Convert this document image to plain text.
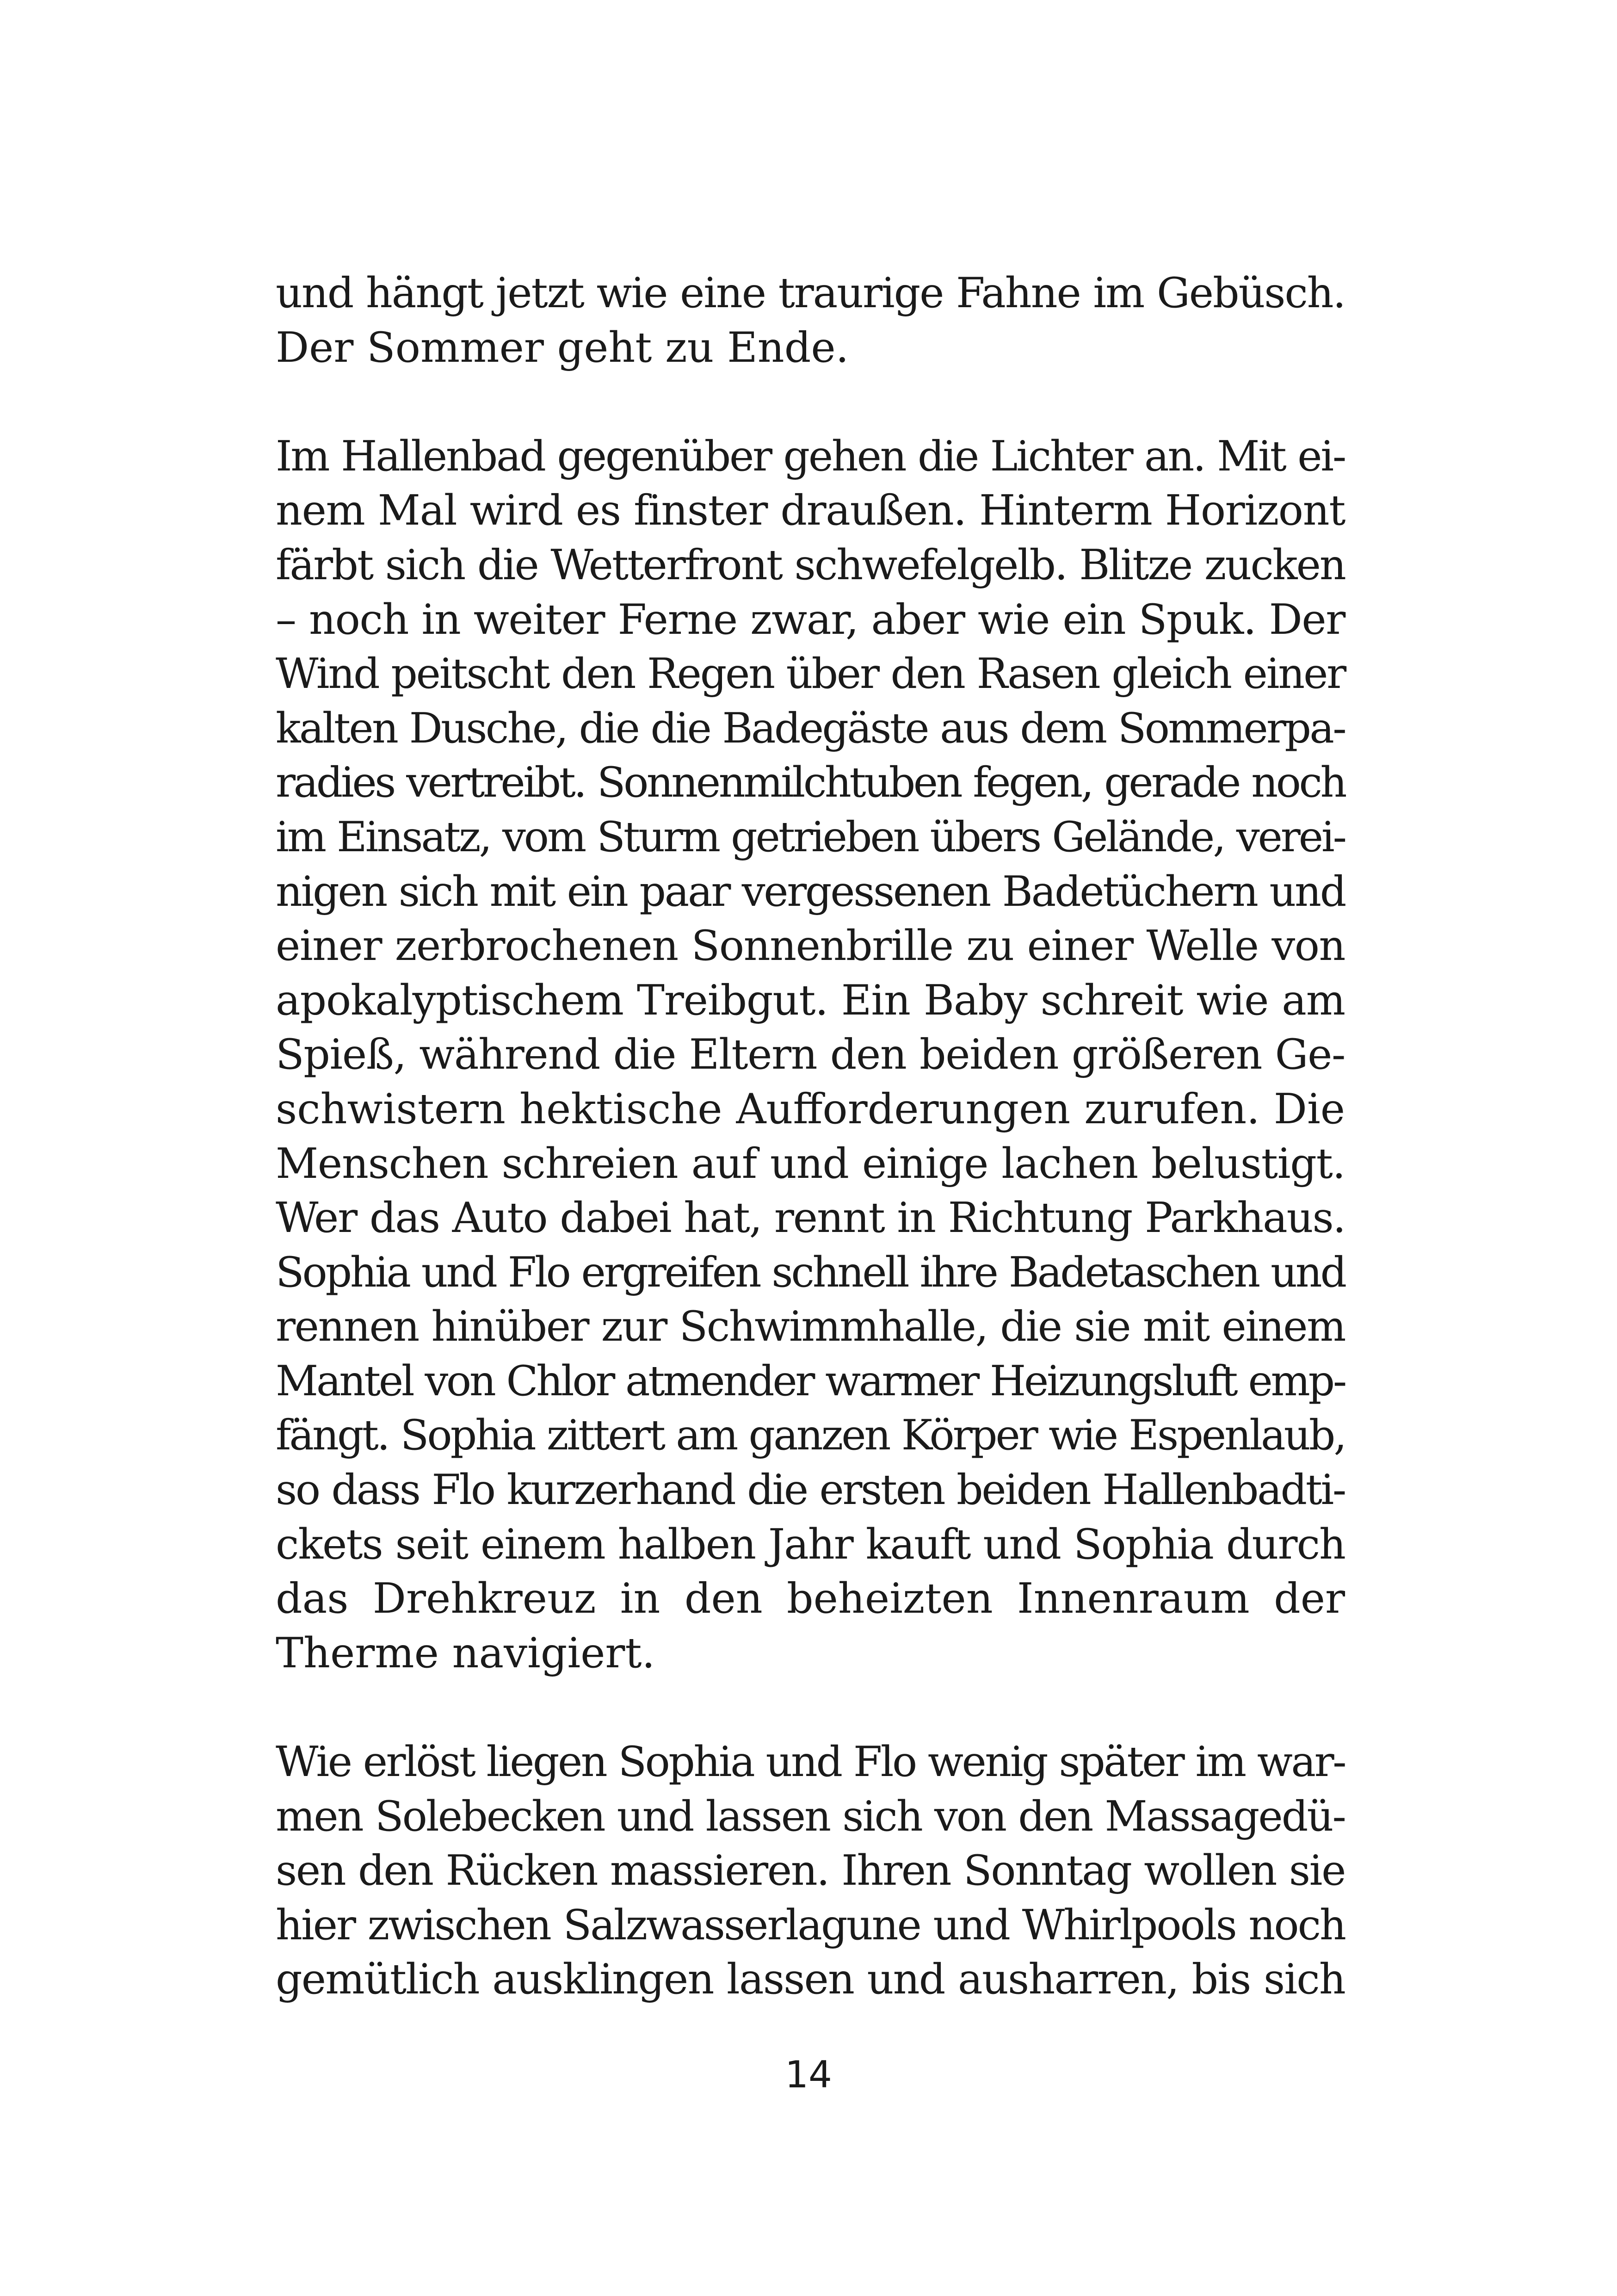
und hängt jetzt wie eine traurige Fahne im Gebüsch.
Der Sommer geht zu Ende.
Im Hallenbad gegenüber gehen die Lichter an. Mit ei-
nem Mal wird es finster draußen. Hinterm Horizont
färbt sich die Wetterfront schwefelgelb. Blitze zucken
– noch in weiter Ferne zwar, aber wie ein Spuk. Der
Wind peitscht den Regen über den Rasen gleich einer
kalten Dusche, die die Badegäste aus dem Sommerpa-
radies vertreibt. Sonnenmilchtuben fegen, gerade noch
im Einsatz, vom Sturm getrieben übers Gelände, verei-
nigen sich mit ein paar vergessenen Badetüchern und
einer zerbrochenen Sonnenbrille zu einer Welle von
apokalyptischem Treibgut. Ein Baby schreit wie am
Spieß, während die Eltern den beiden größeren Ge-
schwistern hektische Aufforderungen zurufen. Die
Menschen schreien auf und einige lachen belustigt.
Wer das Auto dabei hat, rennt in Richtung Parkhaus.
Sophia und Flo ergreifen schnell ihre Badetaschen und
rennen hinüber zur Schwimmhalle, die sie mit einem
Mantel von Chlor atmender warmer Heizungsluft emp-
fängt. Sophia zittert am ganzen Körper wie Espenlaub,
so dass Flo kurzerhand die ersten beiden Hallenbadti-
ckets seit einem halben Jahr kauft und Sophia durch
das Drehkreuz in den beheizten Innenraum der
Therme navigiert.
Wie erlöst liegen Sophia und Flo wenig später im war-
men Solebecken und lassen sich von den Massagedü-
sen den Rücken massieren. Ihren Sonntag wollen sie
hier zwischen Salzwasserlagune und Whirlpools noch
gemütlich ausklingen lassen und ausharren, bis sich
14
